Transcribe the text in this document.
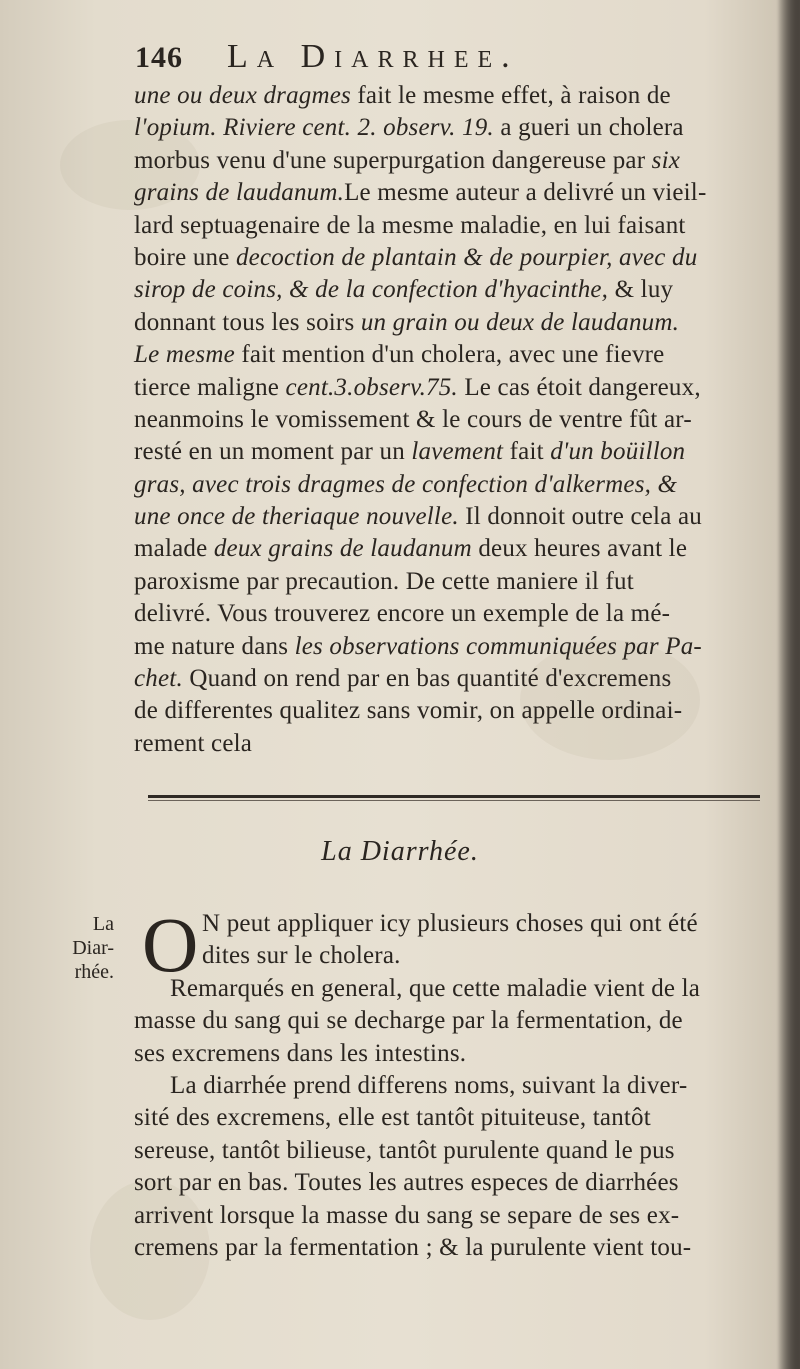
146 La Diarrhee.
une ou deux dragmes fait le mesme effet, à raison de
l'opium. Riviere cent. 2. observ. 19. a gueri un cholera
morbus venu d'une superpurgation dangereuse par six
grains de laudanum.Le mesme auteur a delivré un vieil-
lard septuagenaire de la mesme maladie, en lui faisant
boire une decoction de plantain & de pourpier, avec du
sirop de coins, & de la confection d'hyacinthe, & luy
donnant tous les soirs un grain ou deux de laudanum.
Le mesme fait mention d'un cholera, avec une fievre
tierce maligne cent.3.observ.75. Le cas étoit dangereux,
neanmoins le vomissement & le cours de ventre fût ar-
resté en un moment par un lavement fait d'un boüillon
gras, avec trois dragmes de confection d'alkermes, &
une once de theriaque nouvelle. Il donnoit outre cela au
malade deux grains de laudanum deux heures avant le
paroxisme par precaution. De cette maniere il fut
delivré. Vous trouverez encore un exemple de la mé-
me nature dans les observations communiquées par Pa-
chet. Quand on rend par en bas quantité d'excremens
de differentes qualitez sans vomir, on appelle ordinai-
rement cela
La Diarrhée.
La
Diar-
rhée. O N peut appliquer icy plusieurs choses qui ont été
dites sur le cholera.
Remarqués en general, que cette maladie vient de la
masse du sang qui se decharge par la fermentation, de
ses excremens dans les intestins.
La diarrhée prend differens noms, suivant la diver-
sité des excremens, elle est tantôt pituiteuse, tantôt
sereuse, tantôt bilieuse, tantôt purulente quand le pus
sort par en bas. Toutes les autres especes de diarrhées
arrivent lorsque la masse du sang se separe de ses ex-
cremens par la fermentation ; & la purulente vient tou-
